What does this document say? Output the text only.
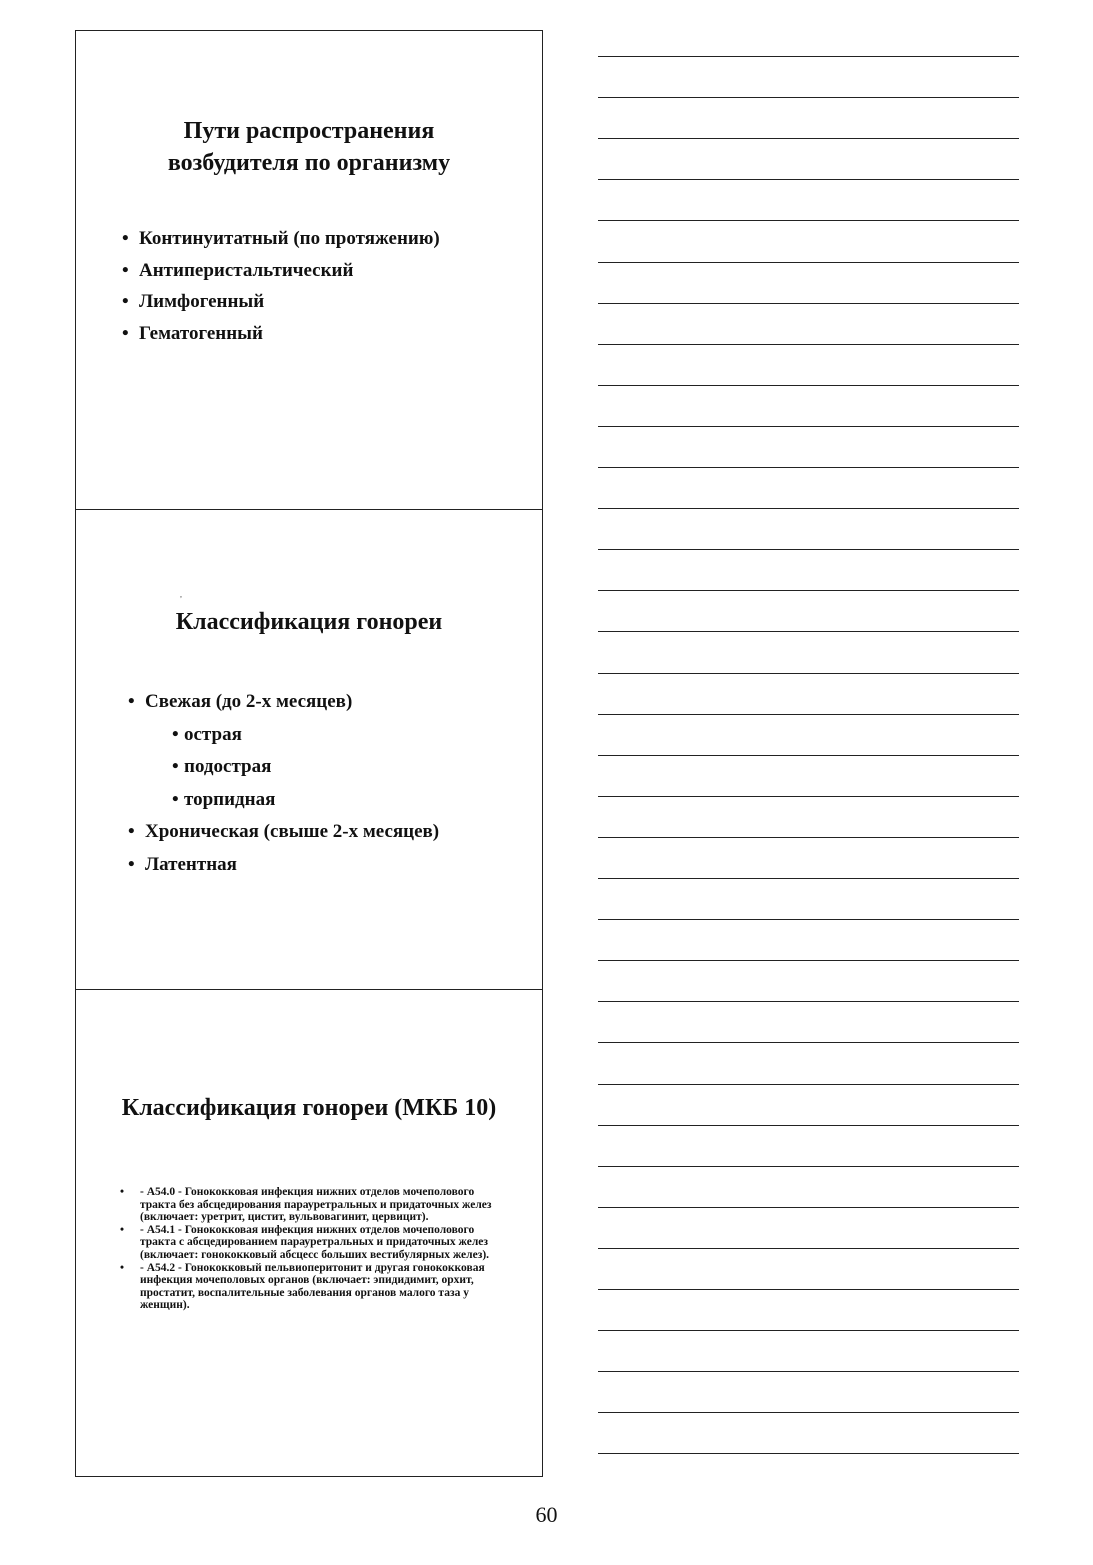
Пути распространения
возбудителя по организму
• Континуитатный (по протяжению)
• Антиперистальтический
• Лимфогенный
• Гематогенный
,
Классификация гонореи
• Свежая (до 2-х месяцев)
• острая
• подострая
• торпидная
• Хроническая (свыше 2-х месяцев)
• Латентная
Классификация гонореи (МКБ 10)
• - А54.0 - Гонококковая инфекция нижних отделов мочеполового тракта без абсцедирования парауретральных и придаточных желез (включает: уретрит, цистит, вульвовагинит, цервицит).
• - А54.1 - Гонококковая инфекция нижних отделов мочеполового тракта с абсцедированием парауретральных и придаточных желез (включает: гонококковый абсцесс больших вестибулярных желез).
• - А54.2 - Гонококковый пельвиоперитонит и другая гонококковая инфекция мочеполовых органов (включает: эпидидимит, орхит, простатит, воспалительные заболевания органов малого таза у женщин).

60
